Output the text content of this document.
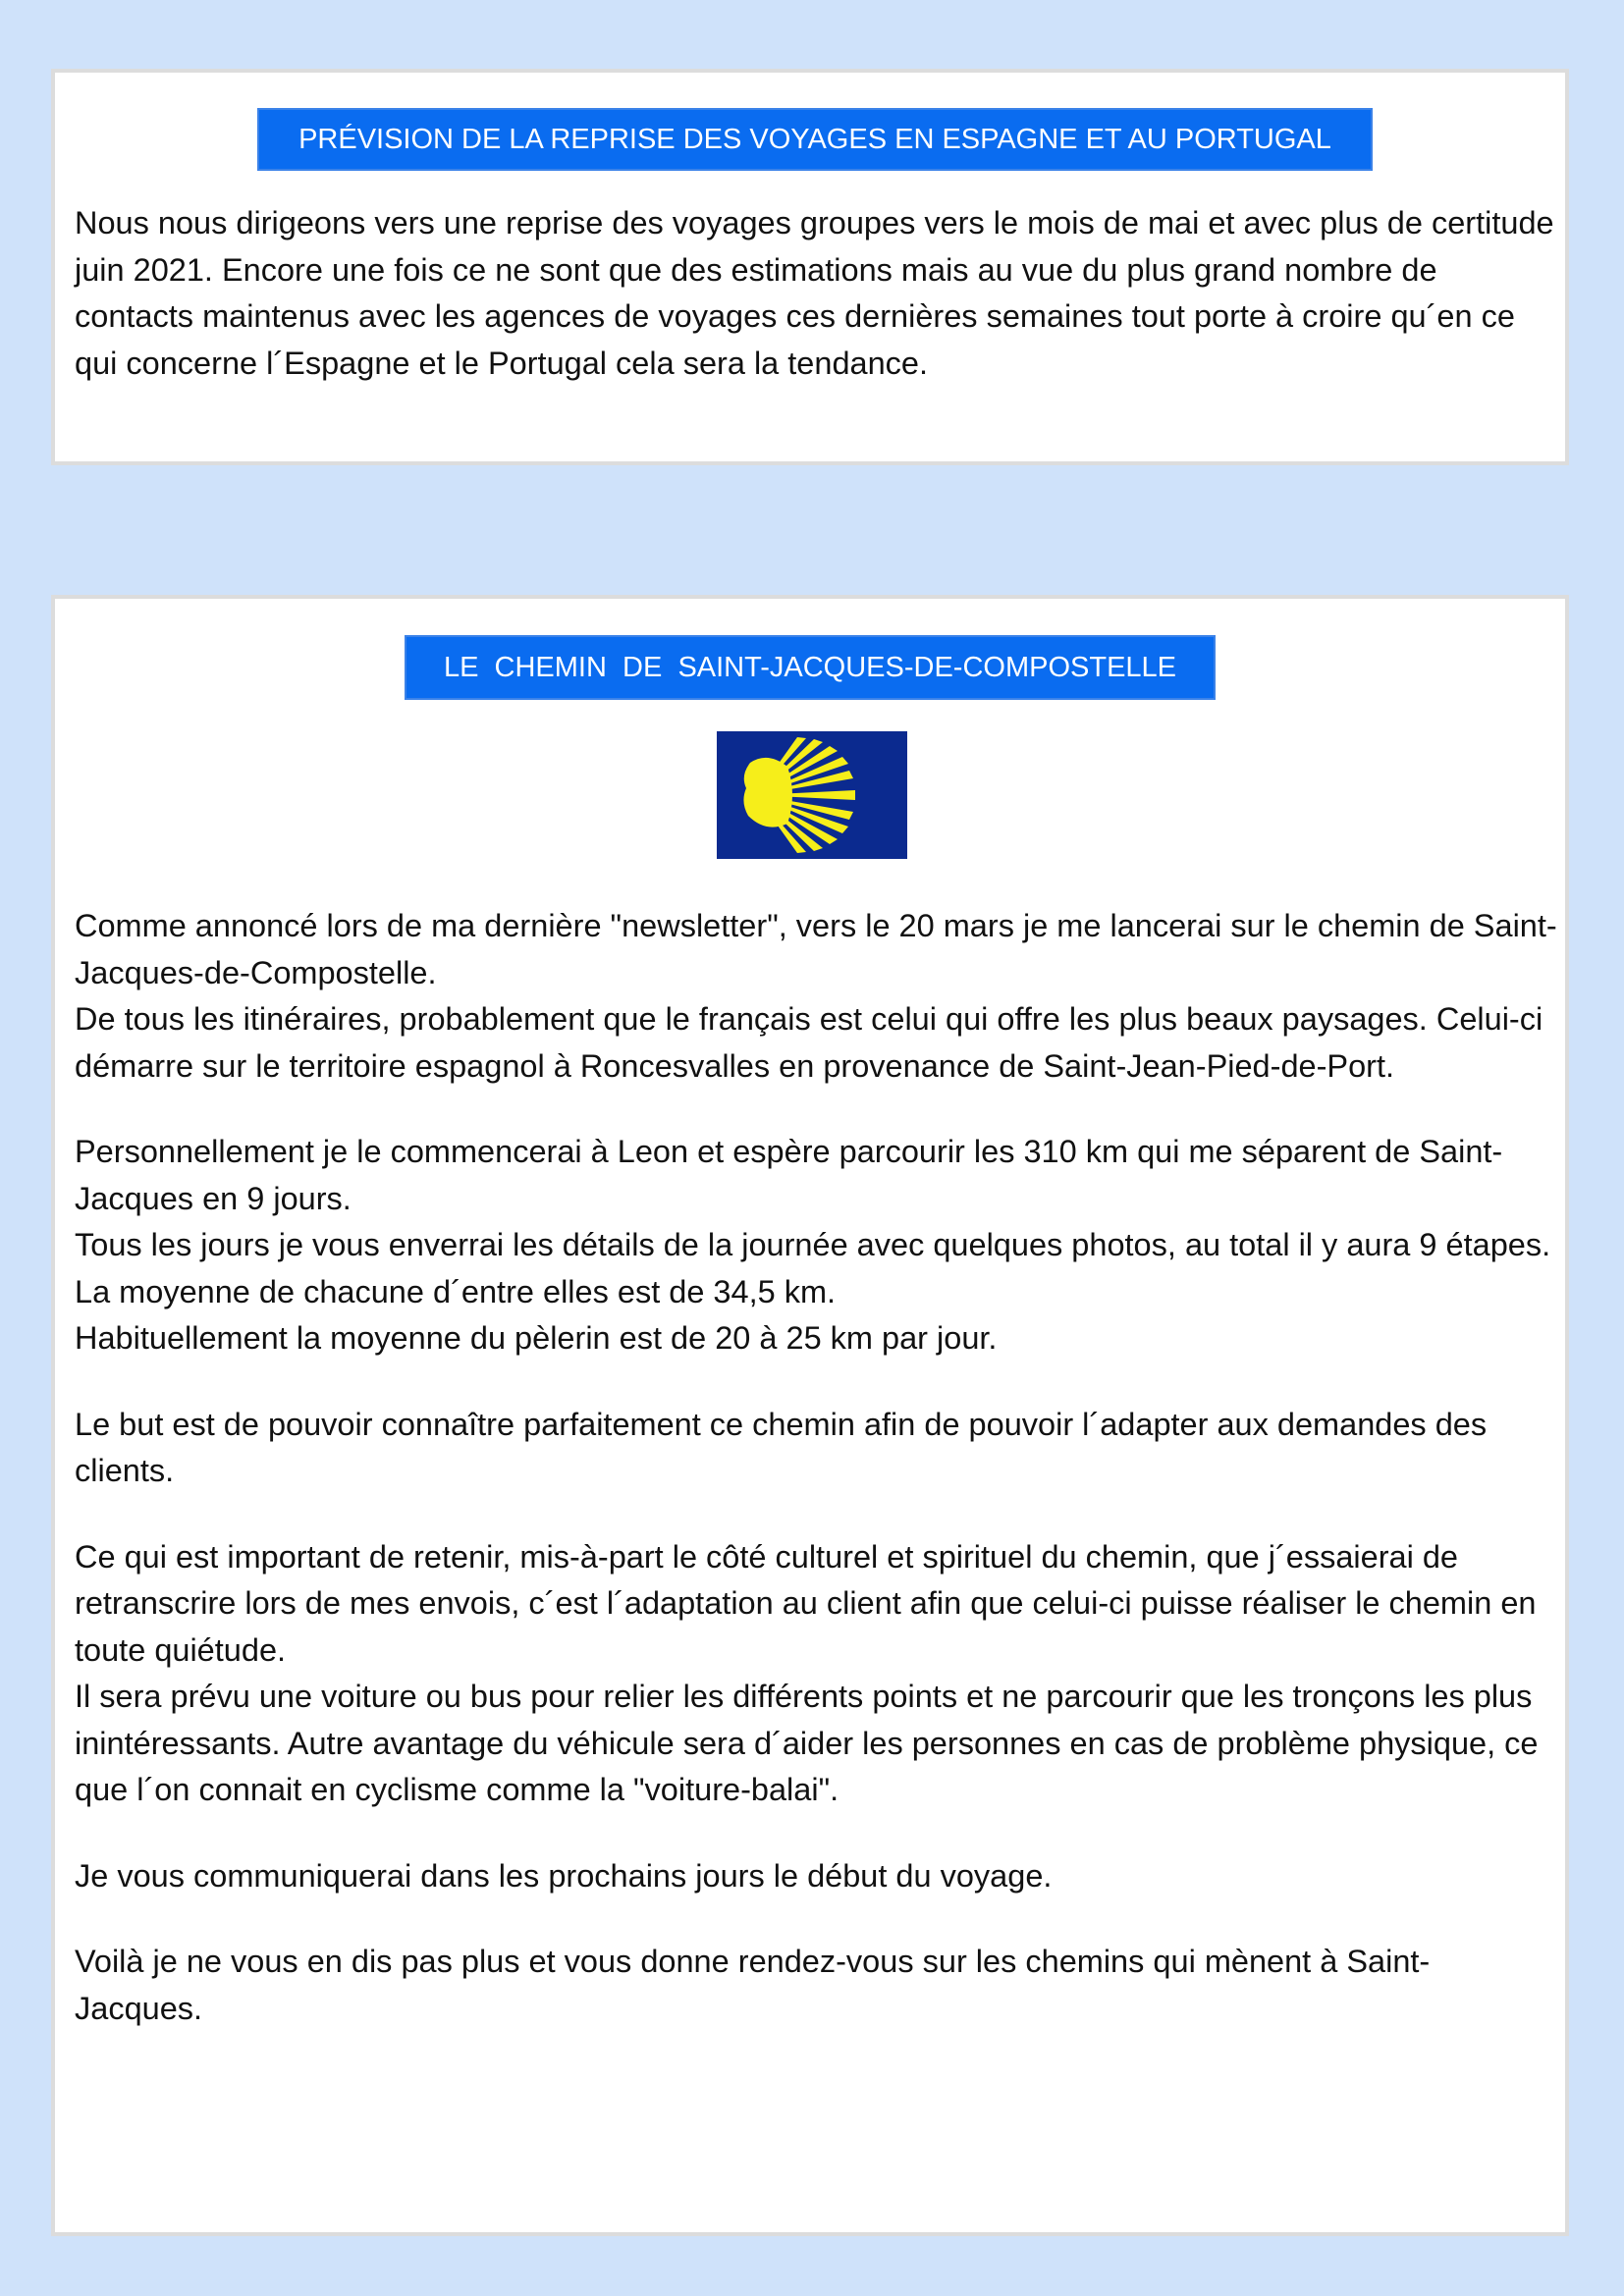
PRÉVISION DE LA REPRISE DES VOYAGES EN ESPAGNE ET AU PORTUGAL

Nous nous dirigeons vers une reprise des voyages groupes vers le mois de mai et avec plus de certitude juin 2021. Encore une fois ce ne sont que des estimations mais au vue du plus grand nombre de contacts maintenus avec les agences de voyages ces dernières semaines tout porte à croire qu´en ce qui concerne l´Espagne et le Portugal cela sera la tendance.

LE  CHEMIN  DE  SAINT-JACQUES-DE-COMPOSTELLE

Comme annoncé lors de ma dernière "newsletter", vers le 20 mars je me lancerai sur le chemin de Saint-Jacques-de-Compostelle.

De tous les itinéraires, probablement que le français est celui qui offre les plus beaux paysages. Celui-ci démarre sur le territoire espagnol à Roncesvalles en provenance de Saint-Jean-Pied-de-Port.

Personnellement je le commencerai à Leon et espère parcourir les 310 km qui me séparent de Saint-Jacques en 9 jours.

Tous les jours je vous enverrai les détails de la journée avec quelques photos, au total il y aura 9 étapes. La moyenne de chacune d´entre elles est de 34,5 km.

Habituellement la moyenne du pèlerin est de 20 à 25 km par jour.

Le but est de pouvoir connaître parfaitement ce chemin afin de pouvoir l´adapter aux demandes des clients.

Ce qui est important de retenir, mis-à-part le côté culturel et spirituel du chemin, que j´essaierai de retranscrire lors de mes envois, c´est l´adaptation au client afin que celui-ci puisse réaliser le chemin en toute quiétude.

Il sera prévu une voiture ou bus pour relier les différents points et ne parcourir que les tronçons les plus inintéressants. Autre avantage du véhicule sera d´aider les personnes en cas de problème physique, ce que l´on connait en cyclisme comme la "voiture-balai".

Je vous communiquerai dans les prochains jours le début du voyage.

Voilà je ne vous en dis pas plus et vous donne rendez-vous sur les chemins qui mènent à Saint-Jacques.
